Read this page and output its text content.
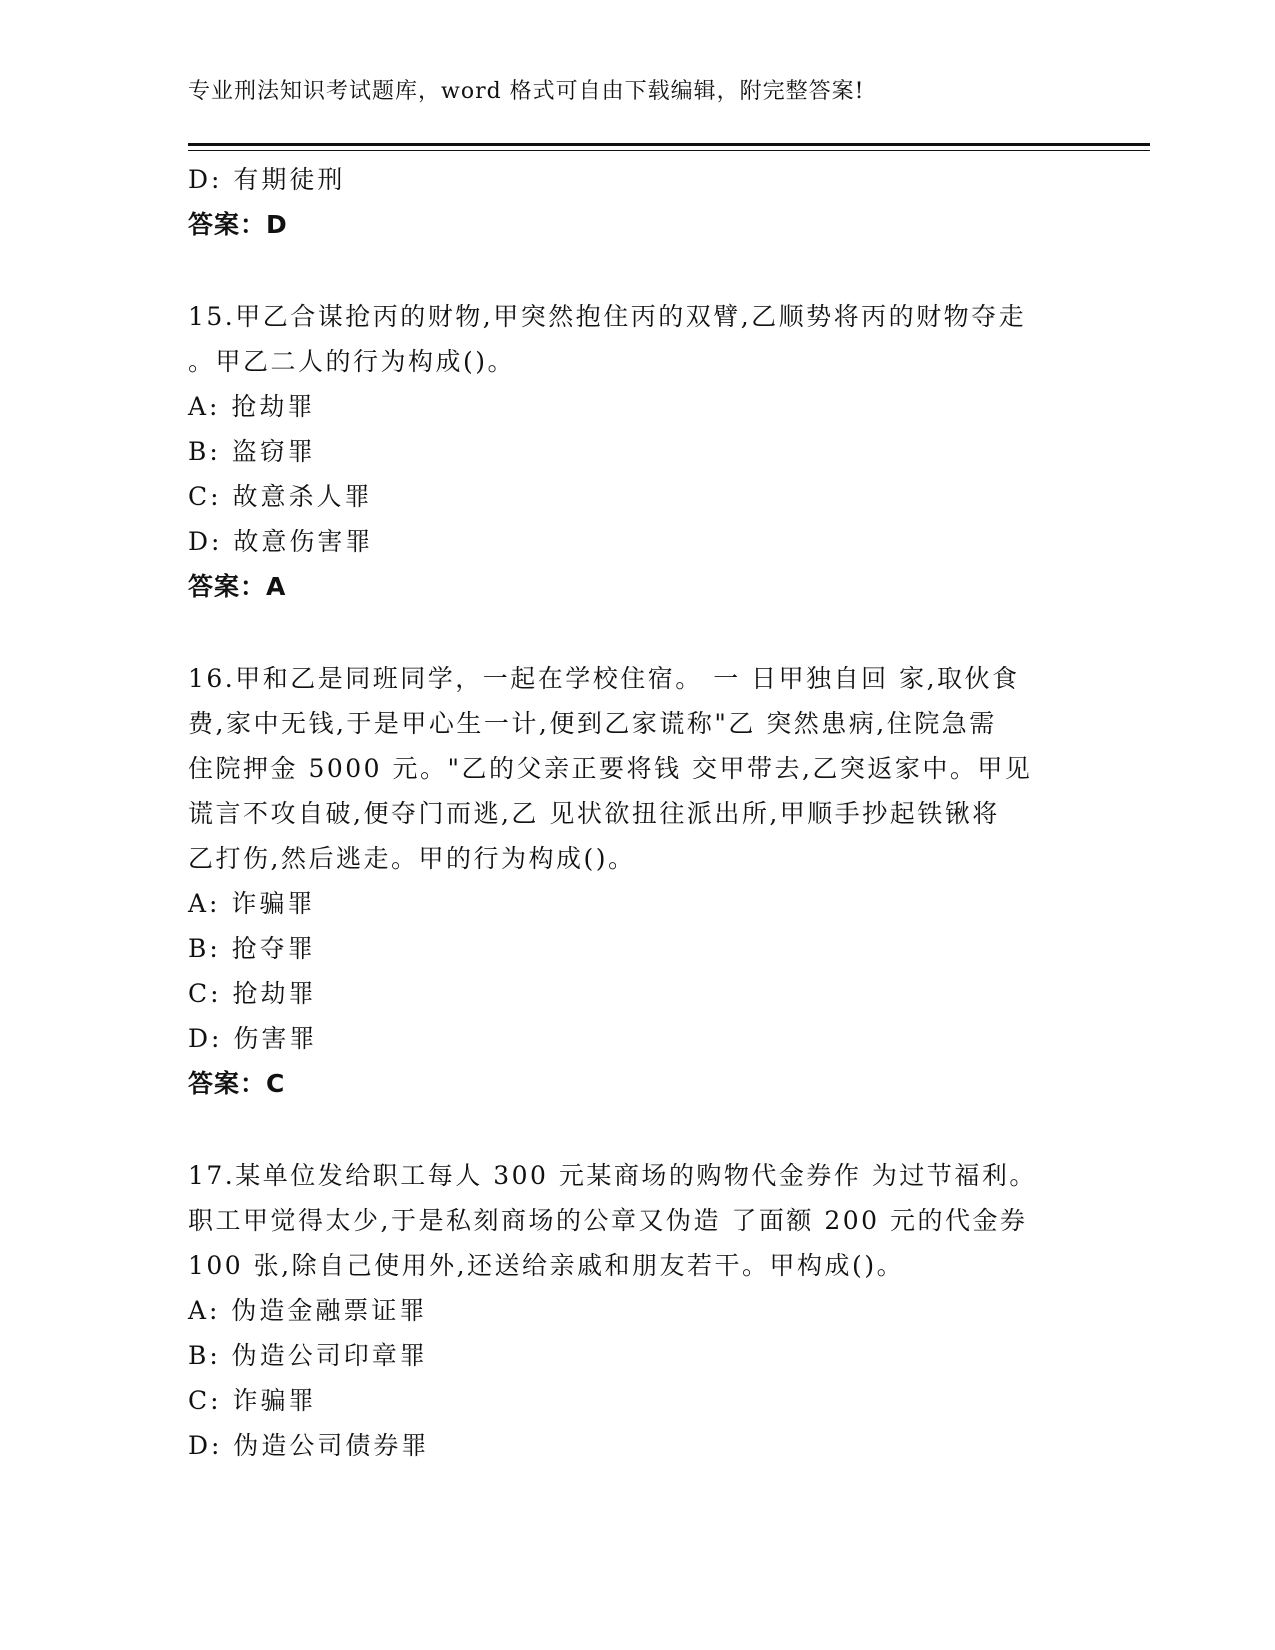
专业刑法知识考试题库，word 格式可自由下载编辑，附完整答案!
D: 有期徒刑
答案：D
15.甲乙合谋抢丙的财物,甲突然抱住丙的双臂,乙顺势将丙的财物夺走
。甲乙二人的行为构成()。
A: 抢劫罪
B: 盗窃罪
C: 故意杀人罪
D: 故意伤害罪
答案：A
16.甲和乙是同班同学，一起在学校住宿。 一 日甲独自回 家,取伙食
费,家中无钱,于是甲心生一计,便到乙家谎称"乙 突然患病,住院急需
住院押金 5000 元。"乙的父亲正要将钱 交甲带去,乙突返家中。甲见
谎言不攻自破,便夺门而逃,乙 见状欲扭往派出所,甲顺手抄起铁锹将
乙打伤,然后逃走。甲的行为构成()。
A: 诈骗罪
B: 抢夺罪
C: 抢劫罪
D: 伤害罪
答案：C
17.某单位发给职工每人 300 元某商场的购物代金券作 为过节福利。
职工甲觉得太少,于是私刻商场的公章又伪造 了面额 200 元的代金券
100 张,除自己使用外,还送给亲戚和朋友若干。甲构成()。
A: 伪造金融票证罪
B: 伪造公司印章罪
C: 诈骗罪
D: 伪造公司债券罪
